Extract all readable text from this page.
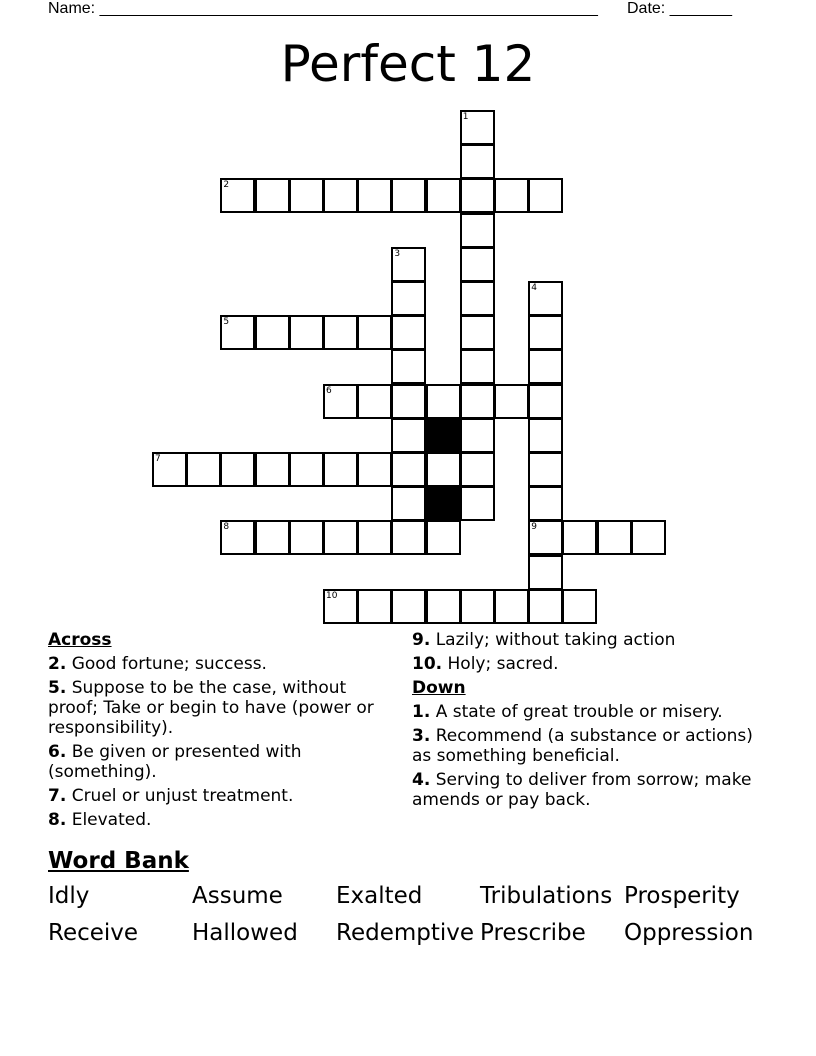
Name: ________________________________________________________ Date: _______
Perfect 12
1
2
3
4
9
5
6
7
8
10
Across
2. Good fortune; success.
5. Suppose to be the case, without proof; Take or begin to have (power or responsibility).
6. Be given or presented with (something).
7. Cruel or unjust treatment.
8. Elevated.
9. Lazily; without taking action
10. Holy; sacred.
Down
1. A state of great trouble or misery.
3. Recommend (a substance or actions) as something beneficial.
4. Serving to deliver from sorrow; make amends or pay back.
Word Bank
Idly	Assume	Exalted	Tribulations Prosperity
Receive	Hallowed	Redemptive Prescribe	Oppression
